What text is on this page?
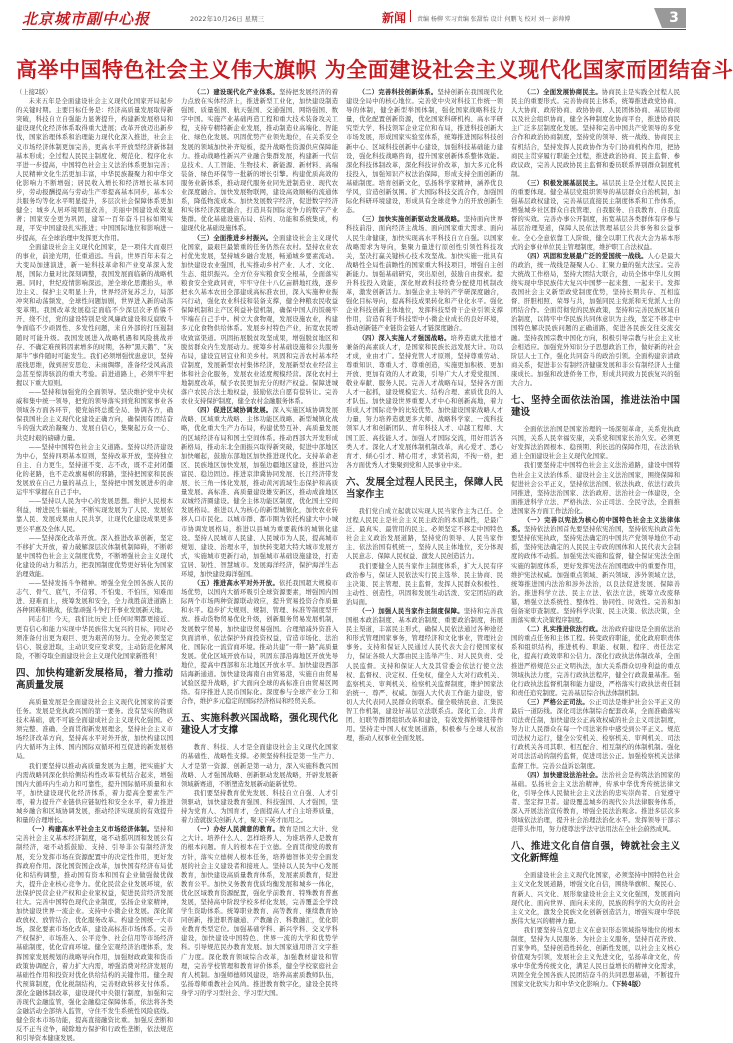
北京城市副中心报	2022年10月26日 星期三	新闻 责编 杨柳 实习责编 张甜怡 设计 何鹏飞 校对 刘一 彭帅博	3
高举中国特色社会主义伟大旗帜 为全面建设社会主义现代化国家而团结奋斗

（上接2版）

未来五年是全面建设社会主义现代化国家开局起步的关键时期。主要目标任务是：经济高质量发展取得新突破，科技自立自强能力显著提升，构建新发展格局和建设现代化经济体系取得重大进展；改革开放迈出新步伐，国家治理体系和治理能力现代化深入推进，社会主义市场经济体制更加完善，更高水平开放型经济新体制基本形成；全过程人民民主制度化、规范化、程序化水平进一步提高，中国特色社会主义法治体系更加完善；人民精神文化生活更加丰富，中华民族凝聚力和中华文化影响力不断增强；居民收入增长和经济增长基本同步，劳动报酬提高与劳动生产率提高基本同步，基本公共服务均等化水平明显提升，多层次社会保障体系更加健全；城乡人居环境明显改善，美丽中国建设成效显著；国家安全更为巩固，建军一百年奋斗目标如期实现，平安中国建设扎实推进；中国国际地位和影响进一步提高，在全球治理中发挥更大作用。

全面建设社会主义现代化国家，是一项伟大而艰巨的事业，前途光明，任重道远。当前，世界百年未有之大变局加速演进，新一轮科技革命和产业变革深入发展，国际力量对比深刻调整，我国发展面临新的战略机遇。同时，世纪疫情影响深远，逆全球化思潮抬头，单边主义、保护主义明显上升，世界经济复苏乏力，局部冲突和动荡频发，全球性问题加剧，世界进入新的动荡变革期。我国改革发展稳定面临不少深层次矛盾躲不开、绕不过，党的建设特别是党风廉政建设和反腐败斗争面临不少顽固性、多发性问题，来自外部的打压遏制随时可能升级。我国发展进入战略机遇和风险挑战并存、不确定难预料因素增多的时期，各种“黑天鹅”、“灰犀牛”事件随时可能发生。我们必须增强忧患意识，坚持底线思维，做到居安思危、未雨绸缪，准备经受风高浪急甚至惊涛骇浪的重大考验。前进道路上，必须牢牢把握以下重大原则。

——坚持和加强党的全面领导。坚决维护党中央权威和集中统一领导，把党的领导落实到党和国家事业各领域各方面各环节，使党始终总揽全局、协调各方，确保我国社会主义现代化建设正确方向，确保拥有团结奋斗的强大政治凝聚力、发展自信心，集聚起万众一心、共克时艰的磅礴力量。

——坚持中国特色社会主义道路。坚持以经济建设为中心，坚持四项基本原则，坚持改革开放，坚持独立自主、自力更生，坚持道不变、志不改，既不走封闭僵化的老路，也不走改旗易帜的邪路，坚持把国家和民族发展放在自己力量的基点上，坚持把中国发展进步的命运牢牢掌握在自己手中。

——坚持以人民为中心的发展思想。维护人民根本利益，增进民生福祉，不断实现发展为了人民、发展依靠人民、发展成果由人民共享，让现代化建设成果更多更公平惠及全体人民。

——坚持深化改革开放。深入推进改革创新，坚定不移扩大开放，着力破解深层次体制机制障碍，不断彰显中国特色社会主义制度优势，不断增强社会主义现代化建设的动力和活力，把我国制度优势更好转化为国家治理效能。

——坚持发扬斗争精神。增强全党全国各族人民的志气、骨气、底气，不信邪、不怕鬼、不怕压，知难而进、迎难而上，统筹发展和安全，全力战胜前进道路上各种困难和挑战，依靠顽强斗争打开事业发展新天地。

同志们！今天，我们比历史上任何时期都更接近、更有信心和能力实现中华民族伟大复兴的目标，同时必须准备付出更为艰巨、更为艰苦的努力。全党必须坚定信心、锐意进取，主动识变应变求变，主动防范化解风险，不断夺取全面建设社会主义现代化国家新胜利！

四、加快构建新发展格局，着力推动高质量发展

高质量发展是全面建设社会主义现代化国家的首要任务。发展是党执政兴国的第一要务。没有坚实的物质技术基础，就不可能全面建成社会主义现代化强国。必须完整、准确、全面贯彻新发展理念，坚持社会主义市场经济改革方向，坚持高水平对外开放，加快构建以国内大循环为主体、国内国际双循环相互促进的新发展格局。

我们要坚持以推动高质量发展为主题，把实施扩大内需战略同深化供给侧结构性改革有机结合起来，增强国内大循环内生动力和可靠性，提升国际循环质量和水平，加快建设现代化经济体系，着力提高全要素生产率，着力提升产业链供应链韧性和安全水平，着力推进城乡融合和区域协调发展，推动经济实现质的有效提升和量的合理增长。

（一）构建高水平社会主义市场经济体制。坚持和完善社会主义基本经济制度，毫不动摇巩固和发展公有制经济，毫不动摇鼓励、支持、引导非公有制经济发展，充分发挥市场在资源配置中的决定性作用，更好发挥政府作用。深化国资国企改革，加快国有经济布局优化和结构调整，推动国有资本和国有企业做强做优做大，提升企业核心竞争力。优化民营企业发展环境，依法保护民营企业产权和企业家权益，促进民营经济发展壮大。完善中国特色现代企业制度，弘扬企业家精神，加快建设世界一流企业。支持中小微企业发展。深化简政放权、放管结合、优化服务改革。构建全国统一大市场，深化要素市场化改革，建设高标准市场体系。完善产权保护、市场准入、公平竞争、社会信用等市场经济基础制度，优化营商环境。健全宏观经济治理体系，发挥国家发展规划的战略导向作用，加强财政政策和货币政策协调配合，着力扩大内需，增强消费对经济发展的基础性作用和投资对优化供给结构的关键作用。健全现代预算制度，优化税制结构，完善财政转移支付体系。深化金融体制改革，建设现代中央银行制度，加强和完善现代金融监管，强化金融稳定保障体系，依法将各类金融活动全部纳入监管，守住不发生系统性风险底线。健全资本市场功能，提高直接融资比重。加强反垄断和反不正当竞争，破除地方保护和行政性垄断，依法规范和引导资本健康发展。

（二）建设现代化产业体系。坚持把发展经济的着力点放在实体经济上，推进新型工业化，加快建设制造强国、质量强国、航天强国、交通强国、网络强国、数字中国。实施产业基础再造工程和重大技术装备攻关工程，支持专精特新企业发展，推动制造业高端化、智能化、绿色化发展。巩固优势产业领先地位，在关系安全发展的领域加快补齐短板，提升战略性资源供应保障能力。推动战略性新兴产业融合集群发展，构建新一代信息技术、人工智能、生物技术、新能源、新材料、高端装备、绿色环保等一批新的增长引擎。构建优质高效的服务业新体系，推动现代服务业同先进制造业、现代农业深度融合。加快发展物联网，建设高效顺畅的流通体系，降低物流成本。加快发展数字经济，促进数字经济和实体经济深度融合，打造具有国际竞争力的数字产业集群。优化基础设施布局、结构、功能和系统集成，构建现代化基础设施体系。

（三）全面推进乡村振兴。全面建设社会主义现代化国家，最艰巨最繁重的任务仍然在农村。坚持农业农村优先发展，坚持城乡融合发展，畅通城乡要素流动。加快建设农业强国，扎实推动乡村产业、人才、文化、生态、组织振兴。全方位夯实粮食安全根基，全面落实粮食安全党政同责，牢牢守住十八亿亩耕地红线，逐步把永久基本农田全部建成高标准农田，深入实施种业振兴行动，强化农业科技和装备支撑，健全种粮农民收益保障机制和主产区利益补偿机制，确保中国人的饭碗牢牢端在自己手中。树立大食物观，发展设施农业，构建多元化食物供给体系。发展乡村特色产业，拓宽农民增收致富渠道。巩固拓展脱贫攻坚成果，增强脱贫地区和脱贫群众内生发展动力。统筹乡村基础设施和公共服务布局，建设宜居宜业和美乡村。巩固和完善农村基本经营制度，发展新型农村集体经济，发展新型农业经营主体和社会化服务，发展农业适度规模经营。深化农村土地制度改革，赋予农民更加充分的财产权益。保障进城落户农民合法土地权益，鼓励依法自愿有偿转让。完善农业支持保护制度，健全农村金融服务体系。

（四）促进区域协调发展。深入实施区域协调发展战略、区域重大战略、主体功能区战略、新型城镇化战略，优化重大生产力布局，构建优势互补、高质量发展的区域经济布局和国土空间体系。推动西部大开发形成新格局，推动东北全面振兴取得新突破，促进中部地区加快崛起，鼓励东部地区加快推进现代化。支持革命老区、民族地区加快发展，加强边疆地区建设，推进兴边富民、稳边固边。推进京津冀协同发展、长江经济带发展、长三角一体化发展，推动黄河流域生态保护和高质量发展。高标准、高质量建设雄安新区，推动成渝地区双城经济圈建设。健全主体功能区制度，优化国土空间发展格局。推进以人为核心的新型城镇化，加快农业转移人口市民化。以城市群、都市圈为依托构建大中小城市协调发展格局，推进以县城为重要载体的城镇化建设。坚持人民城市人民建、人民城市为人民，提高城市规划、建设、治理水平，加快转变超大特大城市发展方式，实施城市更新行动，加强城市基础设施建设，打造宜居、韧性、智慧城市。发展海洋经济，保护海洋生态环境，加快建设海洋强国。

（五）推进高水平对外开放。依托我国超大规模市场优势，以国内大循环吸引全球资源要素，增强国内国际两个市场两种资源联动效应，提升贸易投资合作质量和水平。稳步扩大规则、规制、管理、标准等制度型开放。推动货物贸易优化升级，创新服务贸易发展机制，发展数字贸易，加快建设贸易强国。合理缩减外资准入负面清单，依法保护外商投资权益，营造市场化、法治化、国际化一流营商环境。推动共建“一带一路”高质量发展。优化区域开放布局，巩固东部沿海地区开放先导地位，提高中西部和东北地区开放水平。加快建设西部陆海新通道。加快建设海南自由贸易港，实施自由贸易试验区提升战略，扩大面向全球的高标准自由贸易区网络。有序推进人民币国际化。深度参与全球产业分工和合作，维护多元稳定的国际经济格局和经贸关系。

五、实施科教兴国战略，强化现代化建设人才支撑

教育、科技、人才是全面建设社会主义现代化国家的基础性、战略性支撑。必须坚持科技是第一生产力、人才是第一资源、创新是第一动力，深入实施科教兴国战略、人才强国战略、创新驱动发展战略，开辟发展新领域新赛道，不断塑造发展新动能新优势。

我们要坚持教育优先发展、科技自立自强、人才引领驱动，加快建设教育强国、科技强国、人才强国，坚持为党育人、为国育才，全面提高人才自主培养质量，着力造就拔尖创新人才，聚天下英才而用之。

（一）办好人民满意的教育。教育是国之大计、党之大计。培养什么人、怎样培养人、为谁培养人是教育的根本问题。育人的根本在于立德。全面贯彻党的教育方针，落实立德树人根本任务，培养德智体美劳全面发展的社会主义建设者和接班人。坚持以人民为中心发展教育，加快建设高质量教育体系，发展素质教育，促进教育公平。加快义务教育优质均衡发展和城乡一体化，优化区域教育资源配置，强化学前教育、特殊教育普惠发展，坚持高中阶段学校多样化发展，完善覆盖全学段学生资助体系。统筹职业教育、高等教育、继续教育协同创新，推进职普融通、产教融合、科教融汇，优化职业教育类型定位。加强基础学科、新兴学科、交叉学科建设，加快建设中国特色、世界一流的大学和优势学科。引导规范民办教育发展。加大国家通用语言文字推广力度。深化教育领域综合改革，加强教材建设和管理，完善学校管理和教育评价体系，健全学校家庭社会育人机制。加强师德师风建设，培养高素质教师队伍，弘扬尊师重教社会风尚。推进教育数字化，建设全民终身学习的学习型社会、学习型大国。

（二）完善科技创新体系。坚持创新在我国现代化建设全局中的核心地位。完善党中央对科技工作统一领导的体制，健全新型举国体制，强化国家战略科技力量，优化配置创新资源，优化国家科研机构、高水平研究型大学、科技领军企业定位和布局，推进科技创新大市场发展，形成国家实验室体系，统筹推进国际科技创新中心、区域科技创新中心建设，加强科技基础能力建设，强化科技战略咨询，提升国家创新体系整体效能。深化科技体制改革，深化科技评价改革，加大多元化科技投入，加强知识产权法治保障，形成支持全面创新的基础制度。培育创新文化，弘扬科学家精神，涵养优良学风，营造创新氛围。扩大国际科技交流合作，加强国际化科研环境建设，形成具有全球竞争力的开放创新生态。

（三）加快实施创新驱动发展战略。坚持面向世界科技前沿、面向经济主战场、面向国家重大需求、面向人民生命健康，加快实现高水平科技自立自强。以国家战略需求为导向，集聚力量进行原创性引领性科技攻关，坚决打赢关键核心技术攻坚战。加快实施一批具有战略性全局性前瞻性的国家重大科技项目，增强自主创新能力。加强基础研究，突出原创，鼓励自由探索。提升科技投入效能，深化财政科技经费分配使用机制改革，激发创新活力。加强企业主导的产学研深度融合，强化目标导向，提高科技成果转化和产业化水平。强化企业科技创新主体地位，发挥科技型骨干企业引领支撑作用，营造有利于科技型中小微企业成长的良好环境，推动创新链产业链资金链人才链深度融合。

（四）深入实施人才强国战略。培养造就大批德才兼备的高素质人才，是国家和民族长远发展大计。功以才成，业由才广。坚持党管人才原则，坚持尊重劳动、尊重知识、尊重人才、尊重创造，实施更加积极、更加开放、更加有效的人才政策，引导广大人才爱党报国、敬业奉献、服务人民。完善人才战略布局，坚持各方面人才一起抓，建设规模宏大、结构合理、素质优良的人才队伍。加快建设世界重要人才中心和创新高地，着力形成人才国际竞争的比较优势。加快建设国家战略人才力量，努力培养造就更多大师、战略科学家、一流科技领军人才和创新团队、青年科技人才、卓越工程师、大国工匠、高技能人才。加强人才国际交流，用好用活各类人才。深化人才发展体制机制改革，真心爱才、悉心育才、倾心引才、精心用才，求贤若渴，不拘一格，把各方面优秀人才集聚到党和人民事业中来。

六、发展全过程人民民主，保障人民当家作主

我们党自成立起就以实现人民当家作主为己任。全过程人民民主是社会主义民主政治的本质属性，是最广泛、最真实、最管用的民主。必须坚定不移走中国特色社会主义政治发展道路，坚持党的领导、人民当家作主、依法治国有机统一，坚持人民主体地位，充分体现人民意志、保障人民权益、激发人民创造活力。

我们要健全人民当家作主制度体系，扩大人民有序政治参与，保证人民依法实行民主选举、民主协商、民主决策、民主管理、民主监督，发挥人民群众积极性、主动性、创造性，巩固和发展生动活泼、安定团结的政治局面。

（一）加强人民当家作主制度保障。坚持和完善我国根本政治制度、基本政治制度、重要政治制度，拓展民主渠道，丰富民主形式，确保人民依法通过各种途径和形式管理国家事务，管理经济和文化事业，管理社会事务。支持和保证人民通过人民代表大会行使国家权力，保证各级人大都由民主选举产生、对人民负责、受人民监督。支持和保证人大及其常委会依法行使立法权、监督权、决定权、任免权，健全人大对行政机关、监察机关、审判机关、检察机关监督制度，维护国家法治统一、尊严、权威。加强人大代表工作能力建设，密切人大代表同人民群众的联系。健全吸纳民意、汇集民智工作机制，建设好基层立法联系点。深化工会、共青团、妇联等群团组织改革和建设，有效发挥桥梁纽带作用。坚持走中国人权发展道路，积极参与全球人权治理，推动人权事业全面发展。

（二）全面发展协商民主。协商民主是实践全过程人民民主的重要形式。完善协商民主体系，统筹推进政党协商、人大协商、政府协商、政协协商、人民团体协商、基层协商以及社会组织协商，健全各种制度化协商平台，推进协商民主广泛多层制度化发展。坚持和完善中国共产党领导的多党合作和政治协商制度，坚持党的领导、统一战线、协商民主有机结合，坚持发挥人民政协作为专门协商机构作用，把协商民主贯穿履行职能全过程，推进政治协商、民主监督、参政议政，完善人民政协民主监督和委员联系界别群众制度机制。

（三）积极发展基层民主。基层民主是全过程人民民主的重要体现。健全基层党组织领导的基层群众自治机制，加强基层政权建设，完善基层直接民主制度体系和工作体系，增强城乡社区群众自我管理、自我服务、自我教育、自我监督的实效。完善办事公开制度，拓宽基层各类群体有序参与基层治理渠道，保障人民依法管理基层公共事务和公益事业。全心全意依靠工人阶级，健全以职工代表大会为基本形式的企事业单位民主管理制度，维护职工合法权益。

（四）巩固和发展最广泛的爱国统一战线。人心是最大的政治，统一战线是凝聚人心、汇聚力量的强大法宝。完善大统战工作格局，坚持大团结大联合，动员全体中华儿女围绕实现中华民族伟大复兴中国梦一起来想、一起来干。发挥我国社会主义新型政党制度优势，坚持长期共存、互相监督、肝胆相照、荣辱与共，加强同民主党派和无党派人士的团结合作。全面贯彻党的民族政策，坚持和完善民族区域自治制度，以铸牢中华民族共同体意识为主线，坚定不移走中国特色解决民族问题的正确道路，促进各民族交往交流交融。坚持我国宗教中国化方向，积极引导宗教与社会主义社会相适应。加强党外知识分子思想政治工作，做好新的社会阶层人士工作，强化共同奋斗的政治引领。全面构建亲清政商关系，促进非公有制经济健康发展和非公有制经济人士健康成长。加强和改进侨务工作，形成共同致力民族复兴的强大合力。

七、坚持全面依法治国，推进法治中国建设

全面依法治国是国家治理的一场深刻革命，关系党执政兴国，关系人民幸福安康，关系党和国家长治久安。必须更好发挥法治固根本、稳预期、利长远的保障作用，在法治轨道上全面建设社会主义现代化国家。

我们要坚持走中国特色社会主义法治道路，建设中国特色社会主义法治体系、建设社会主义法治国家，围绕保障和促进社会公平正义，坚持依法治国、依法执政、依法行政共同推进，坚持法治国家、法治政府、法治社会一体建设，全面推进科学立法、严格执法、公正司法、全民守法，全面推进国家各方面工作法治化。

（一）完善以宪法为核心的中国特色社会主义法律体系。坚持依法治国首先要坚持依宪治国，坚持依宪执政首先要坚持依宪执政，坚持宪法确定的中国共产党领导地位不动摇，坚持宪法确定的人民民主专政的国体和人民代表大会制度的政体不动摇。加强宪法实施和监督，健全保证宪法全面实施的制度体系，更好发挥宪法在治国理政中的重要作用，维护宪法权威。加强重点领域、新兴领域、涉外领域立法，统筹推进国内法治和涉外法治，以良法促进发展、保障善治。推进科学立法、民主立法、依法立法，统筹立改废释纂，增强立法系统性、整体性、协同性、时效性。完善和加强备案审查制度。坚持科学决策、民主决策、依法决策，全面落实重大决策程序制度。

（二）扎实推进依法行政。法治政府建设是全面依法治国的重点任务和主体工程。转变政府职能，优化政府职责体系和组织结构，推进机构、职能、权限、程序、责任法定化，提高行政效率和公信力。深化行政执法体制改革，全面推进严格规范公正文明执法，加大关系群众切身利益的重点领域执法力度，完善行政执法程序，健全行政裁量基准。强化行政执法监督机制和能力建设，严格落实行政执法责任制和责任追究制度。完善基层综合执法体制机制。

（三）严格公正司法。公正司法是维护社会公平正义的最后一道防线。深化司法体制综合配套改革，全面准确落实司法责任制，加快建设公正高效权威的社会主义司法制度，努力让人民群众在每一个司法案件中感受到公平正义。规范司法权力运行，健全公安机关、检察机关、审判机关、司法行政机关各司其职、相互配合、相互制约的体制机制。强化对司法活动的制约监督，促进司法公正。加强检察机关法律监督工作。完善公益诉讼制度。

（四）加快建设法治社会。法治社会是构筑法治国家的基础。弘扬社会主义法治精神，传承中华优秀传统法律文化，引导全体人民做社会主义法治的忠实崇尚者、自觉遵守者、坚定捍卫者。建设覆盖城乡的现代公共法律服务体系，深入开展法治宣传教育，增强全民法治观念。推进多层次多领域依法治理，提升社会治理法治化水平。发挥领导干部示范带头作用，努力使尊法学法守法用法在全社会蔚然成风。

八、推进文化自信自强，铸就社会主义文化新辉煌

全面建设社会主义现代化国家，必须坚持中国特色社会主义文化发展道路，增强文化自信，围绕举旗帜、聚民心、育新人、兴文化、展形象建设社会主义文化强国，发展面向现代化、面向世界、面向未来的，民族的科学的大众的社会主义文化，激发全民族文化创新创造活力，增强实现中华民族伟大复兴的精神力量。

我们要坚持马克思主义在意识形态领域指导地位的根本制度，坚持为人民服务、为社会主义服务，坚持百花齐放、百家争鸣，坚持创造性转化、创新性发展，以社会主义核心价值观为引领，发展社会主义先进文化，弘扬革命文化，传承中华优秀传统文化，满足人民日益增长的精神文化需求，巩固全党全国各族人民团结奋斗的共同思想基础，不断提升国家文化软实力和中华文化影响力。（下转4版）
